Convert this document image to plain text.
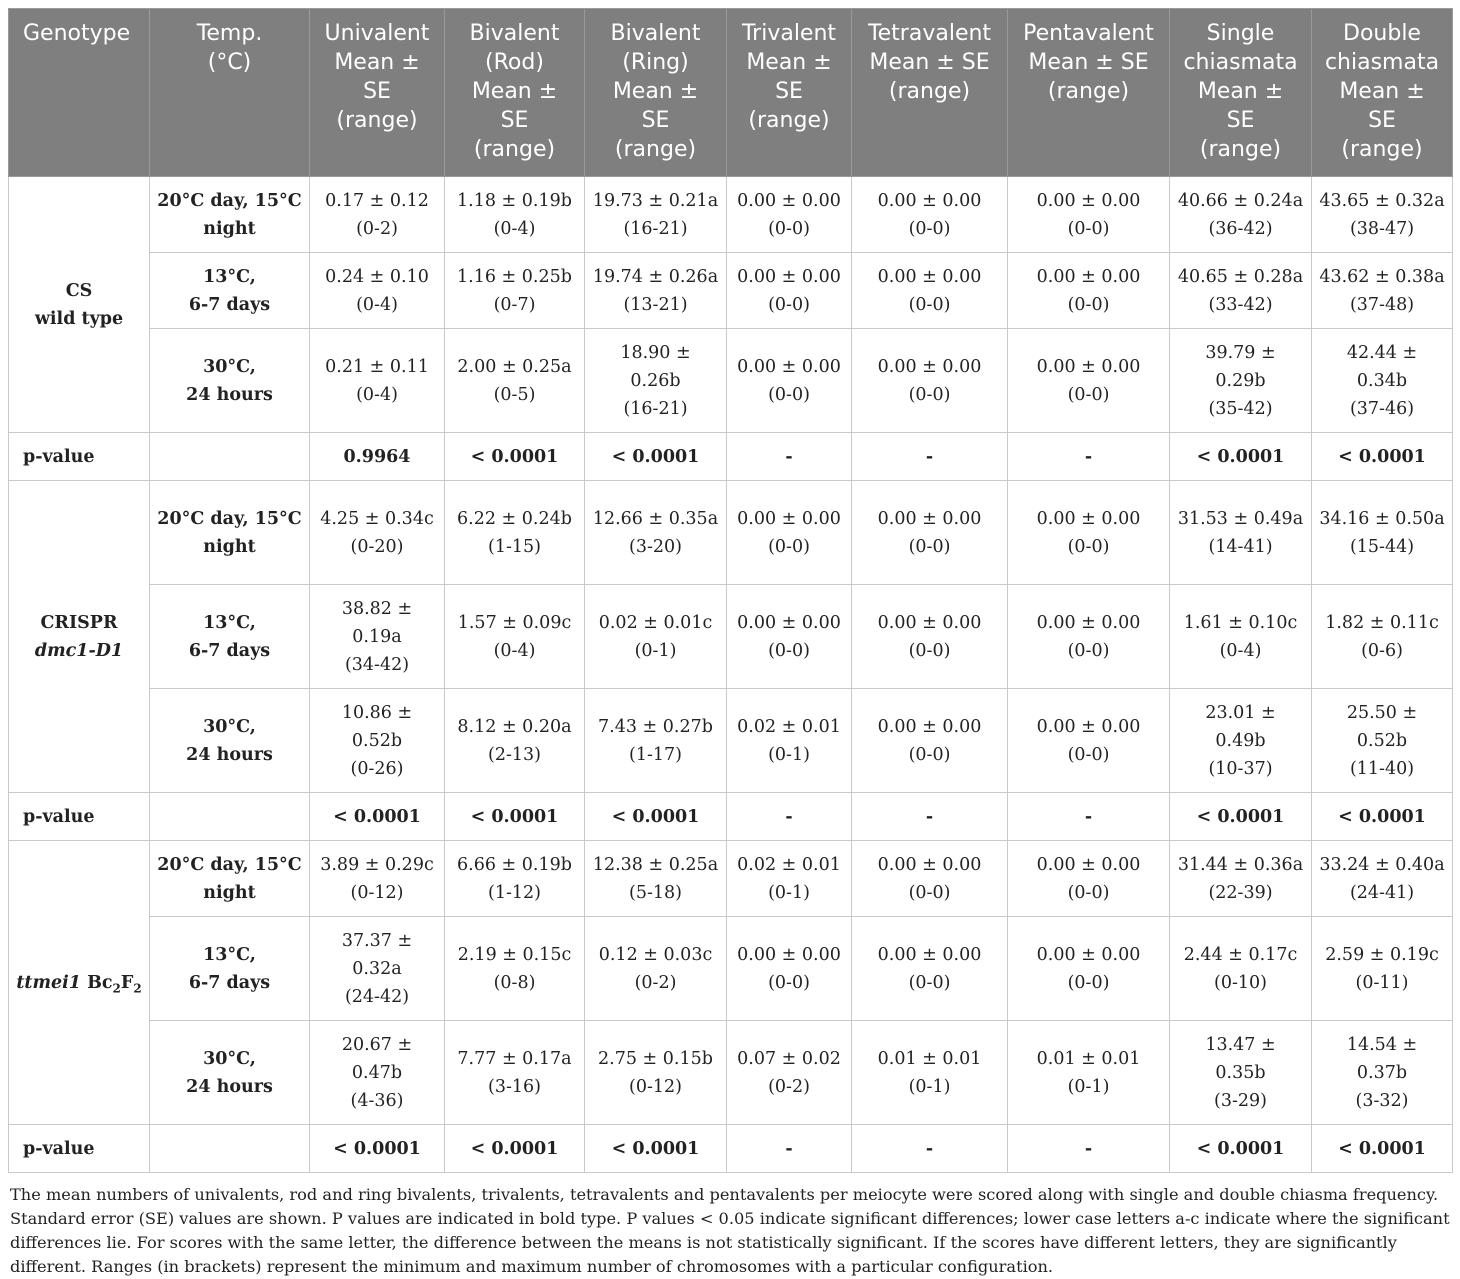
Genotype	Temp.
(°C)	Univalent
Mean ±
SE
(range)	Bivalent
(Rod)
Mean ±
SE
(range)	Bivalent
(Ring)
Mean ±
SE
(range)	Trivalent
Mean ±
SE
(range)	Tetravalent
Mean ± SE
(range)	Pentavalent
Mean ± SE
(range)	Single
chiasmata
Mean ±
SE
(range)	Double
chiasmata
Mean ±
SE
(range)

CS
wild type	20°C day, 15°C
night	0.17 ± 0.12
(0-2)	1.18 ± 0.19b
(0-4)	19.73 ± 0.21a
(16-21)	0.00 ± 0.00
(0-0)	0.00 ± 0.00
(0-0)	0.00 ± 0.00
(0-0)	40.66 ± 0.24a
(36-42)	43.65 ± 0.32a
(38-47)

	13°C,
6-7 days	0.24 ± 0.10
(0-4)	1.16 ± 0.25b
(0-7)	19.74 ± 0.26a
(13-21)	0.00 ± 0.00
(0-0)	0.00 ± 0.00
(0-0)	0.00 ± 0.00
(0-0)	40.65 ± 0.28a
(33-42)	43.62 ± 0.38a
(37-48)

	30°C,
24 hours	0.21 ± 0.11
(0-4)	2.00 ± 0.25a
(0-5)	18.90 ±
0.26b
(16-21)	0.00 ± 0.00
(0-0)	0.00 ± 0.00
(0-0)	0.00 ± 0.00
(0-0)	39.79 ±
0.29b
(35-42)	42.44 ±
0.34b
(37-46)

p-value		0.9964	< 0.0001	< 0.0001	-	-	-	< 0.0001	< 0.0001

CRISPR
dmc1-D1	20°C day, 15°C
night	4.25 ± 0.34c
(0-20)	6.22 ± 0.24b
(1-15)	12.66 ± 0.35a
(3-20)	0.00 ± 0.00
(0-0)	0.00 ± 0.00
(0-0)	0.00 ± 0.00
(0-0)	31.53 ± 0.49a
(14-41)	34.16 ± 0.50a
(15-44)

	13°C,
6-7 days	38.82 ±
0.19a
(34-42)	1.57 ± 0.09c
(0-4)	0.02 ± 0.01c
(0-1)	0.00 ± 0.00
(0-0)	0.00 ± 0.00
(0-0)	0.00 ± 0.00
(0-0)	1.61 ± 0.10c
(0-4)	1.82 ± 0.11c
(0-6)

	30°C,
24 hours	10.86 ±
0.52b
(0-26)	8.12 ± 0.20a
(2-13)	7.43 ± 0.27b
(1-17)	0.02 ± 0.01
(0-1)	0.00 ± 0.00
(0-0)	0.00 ± 0.00
(0-0)	23.01 ±
0.49b
(10-37)	25.50 ±
0.52b
(11-40)

p-value		< 0.0001	< 0.0001	< 0.0001	-	-	-	< 0.0001	< 0.0001

ttmei1 $Bc_2F_2$	20°C day, 15°C
night	3.89 ± 0.29c
(0-12)	6.66 ± 0.19b
(1-12)	12.38 ± 0.25a
(5-18)	0.02 ± 0.01
(0-1)	0.00 ± 0.00
(0-0)	0.00 ± 0.00
(0-0)	31.44 ± 0.36a
(22-39)	33.24 ± 0.40a
(24-41)

	13°C,
6-7 days	37.37 ±
0.32a
(24-42)	2.19 ± 0.15c
(0-8)	0.12 ± 0.03c
(0-2)	0.00 ± 0.00
(0-0)	0.00 ± 0.00
(0-0)	0.00 ± 0.00
(0-0)	2.44 ± 0.17c
(0-10)	2.59 ± 0.19c
(0-11)

	30°C,
24 hours	20.67 ±
0.47b
(4-36)	7.77 ± 0.17a
(3-16)	2.75 ± 0.15b
(0-12)	0.07 ± 0.02
(0-2)	0.01 ± 0.01
(0-1)	0.01 ± 0.01
(0-1)	13.47 ±
0.35b
(3-29)	14.54 ±
0.37b
(3-32)

p-value		< 0.0001	< 0.0001	< 0.0001	-	-	-	< 0.0001	< 0.0001
The mean numbers of univalents, rod and ring bivalents, trivalents, tetravalents and pentavalents per meiocyte were scored along with single and double chiasma frequency. Standard error (SE) values are shown. P values are indicated in bold type. P values < 0.05 indicate significant differences; lower case letters a-c indicate where the significant differences lie. For scores with the same letter, the difference between the means is not statistically significant. If the scores have different letters, they are significantly different. Ranges (in brackets) represent the minimum and maximum number of chromosomes with a particular configuration.
